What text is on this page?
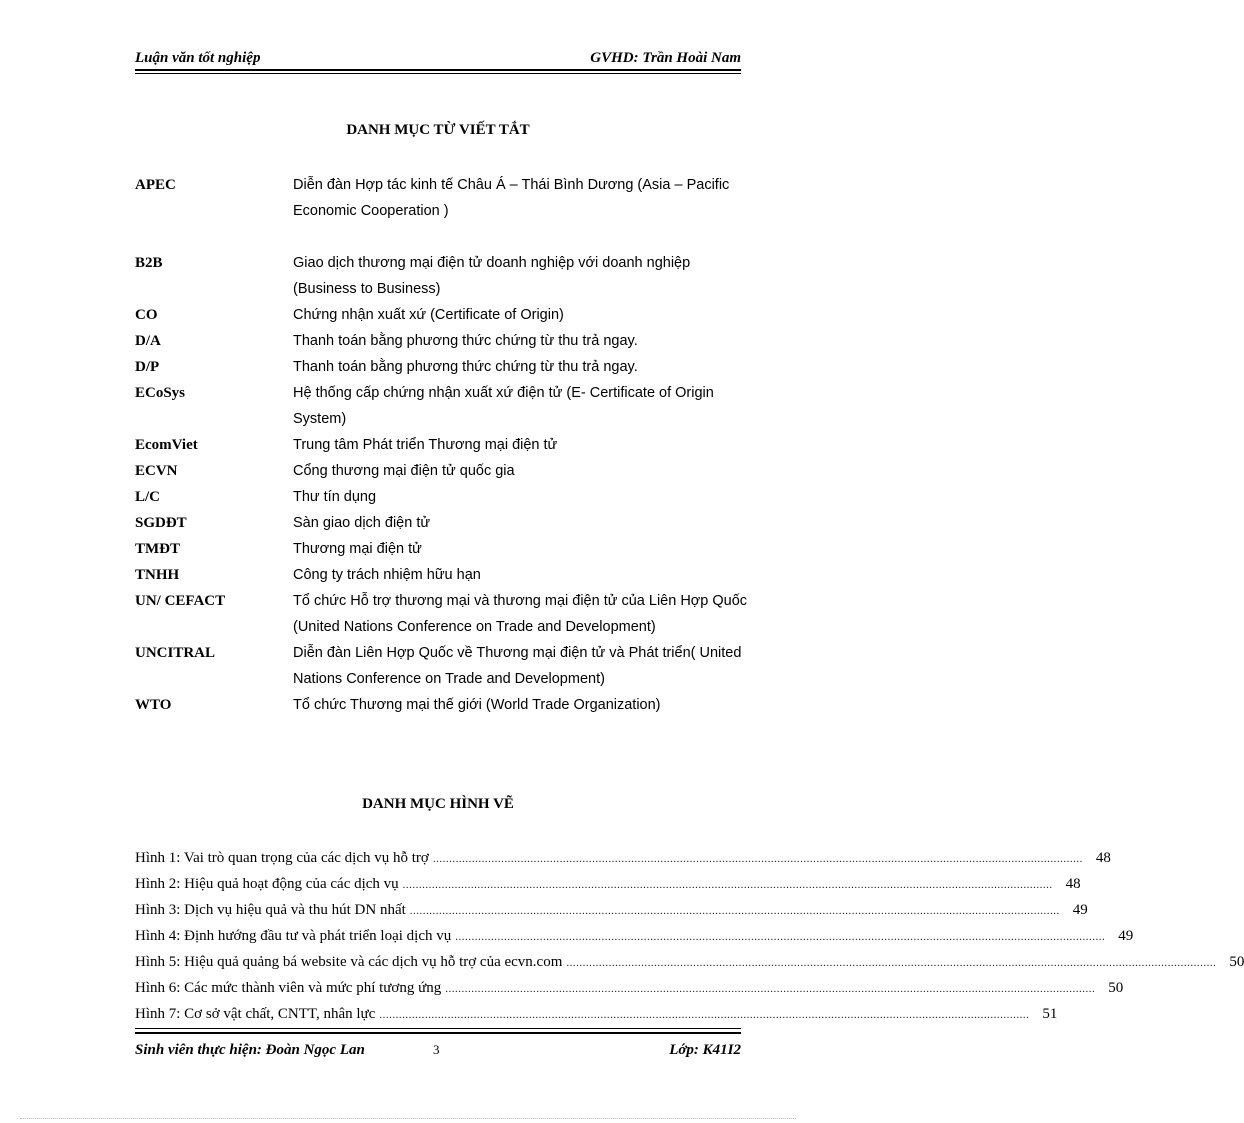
Luận văn tốt nghiệp	GVHD: Trần Hoài Nam
DANH MỤC TỪ VIẾT TẮT
APEC	Diễn đàn Hợp tác kinh tế Châu Á – Thái Bình Dương (Asia – Pacific Economic Cooperation )
B2B	Giao dịch thương mại điện tử doanh nghiệp với doanh nghiệp (Business to Business)
CO	Chứng nhận xuất xứ (Certificate of Origin)
D/A	Thanh toán bằng phương thức chứng từ thu trả ngay.
D/P	Thanh toán bằng phương thức chứng từ thu trả ngay.
ECoSys	Hệ thống cấp chứng nhận xuất xứ điện tử (E- Certificate of Origin System)
EcomViet	Trung tâm Phát triển Thương mại điện tử
ECVN	Cổng thương mại điện tử quốc gia
L/C	Thư tín dụng
SGDĐT	Sàn giao dịch điện tử
TMĐT	Thương mại điện tử
TNHH	Công ty trách nhiệm hữu hạn
UN/ CEFACT	Tổ chức Hỗ trợ thương mại và thương mại điện tử của Liên Hợp Quốc (United Nations Conference on Trade and Development)
UNCITRAL	Diễn đàn Liên Hợp Quốc về Thương mại điện tử và Phát triển( United Nations Conference on Trade and Development)
WTO	Tổ chức Thương mại thế giới (World Trade Organization)
DANH MỤC HÌNH VẼ
Hình 1: Vai trò quan trọng của các dịch vụ hỗ trợ ........................................................................................................................................................................................................ 48
Hình 2: Hiệu quả hoạt động của các dịch vụ ........................................................................................................................................................................................................ 48
Hình 3: Dịch vụ hiệu quả và thu hút DN nhất ........................................................................................................................................................................................................ 49
Hình 4: Định hướng đầu tư và phát triển loại dịch vụ ........................................................................................................................................................................................................ 49
Hình 5: Hiệu quả quảng bá website và các dịch vụ hỗ trợ của ecvn.com ........................................................................................................................................................................................................ 50
Hình 6: Các mức thành viên và mức phí tương ứng ........................................................................................................................................................................................................ 50
Hình 7: Cơ sở vật chất, CNTT, nhân lực ........................................................................................................................................................................................................ 51
Sinh viên thực hiện: Đoàn Ngọc Lan	3	Lớp: K41I2
